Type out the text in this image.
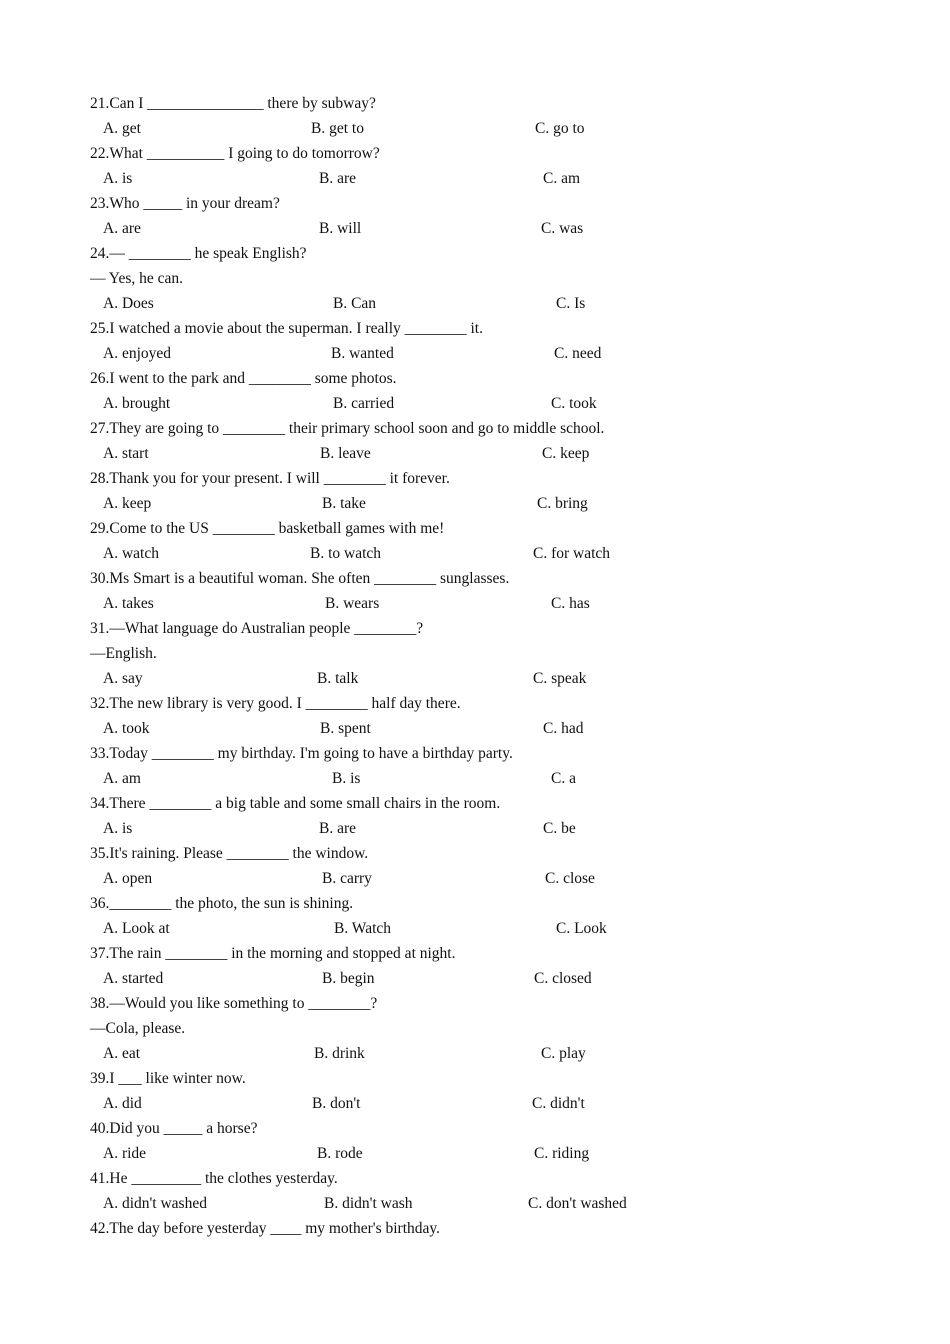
21.Can I _______________ there by subway?
A. get	B. get to	C. go to
22.What __________ I going to do tomorrow?
A. is	B. are	C. am
23.Who _____ in your dream?
A. are	B. will	C. was
24.— ________ he speak English?
— Yes, he can.
A. Does	B. Can	C. Is
25.I watched a movie about the superman. I really ________ it.
A. enjoyed	B. wanted	C. need
26.I went to the park and ________ some photos.
A. brought	B. carried	C. took
27.They are going to ________ their primary school soon and go to middle school.
A. start	B. leave	C. keep
28.Thank you for your present. I will ________ it forever.
A. keep	B. take	C. bring
29.Come to the US ________ basketball games with me!
A. watch	B. to watch	C. for watch
30.Ms Smart is a beautiful woman. She often ________ sunglasses.
A. takes	B. wears	C. has
31.—What language do Australian people ________?
—English.
A. say	B. talk	C. speak
32.The new library is very good. I ________ half day there.
A. took	B. spent	C. had
33.Today ________ my birthday. I'm going to have a birthday party.
A. am	B. is	C. a
34.There ________ a big table and some small chairs in the room.
A. is	B. are	C. be
35.It's raining. Please ________ the window.
A. open	B. carry	C. close
36.________ the photo, the sun is shining.
A. Look at	B. Watch	C. Look
37.The rain ________ in the morning and stopped at night.
A. started	B. begin	C. closed
38.—Would you like something to ________?
—Cola, please.
A. eat	B. drink	C. play
39.I ___ like winter now.
A. did	B. don't	C. didn't
40.Did you _____ a horse?
A. ride	B. rode	C. riding
41.He _________ the clothes yesterday.
A. didn't washed	B. didn't wash	C. don't washed
42.The day before yesterday ____ my mother's birthday.
